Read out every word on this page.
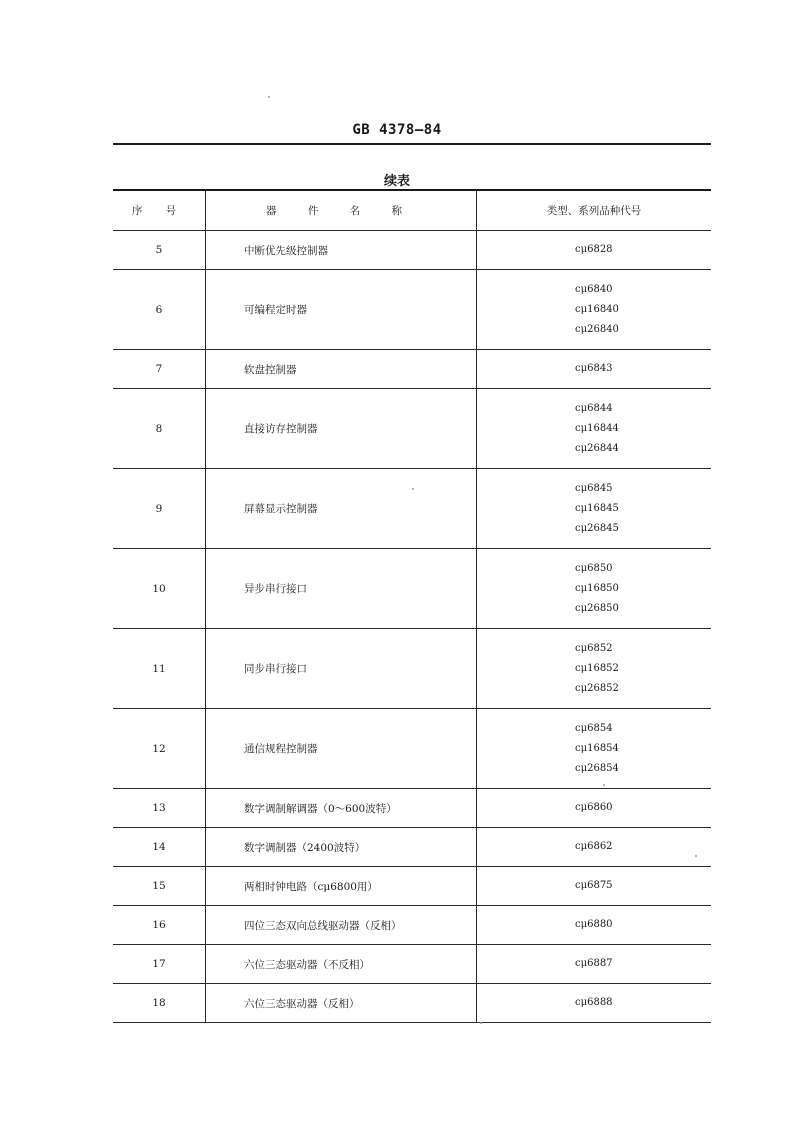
GB 4378—84
续表
序 号	器 件 名 称	类型、系列品种代号
5	中断优先级控制器	cμ6828

6	可编程定时器	cμ6840
cμ16840
cμ26840

7	软盘控制器	cμ6843

8	直接访存控制器	cμ6844
cμ16844
cμ26844

9	屏幕显示控制器	cμ6845
cμ16845
cμ26845

10	异步串行接口	cμ6850
cμ16850
cμ26850

11	同步串行接口	cμ6852
cμ16852
cμ26852

12	通信规程控制器	cμ6854
cμ16854
cμ26854

13	数字调制解调器（0～600波特）	cμ6860

14	数字调制器（2400波特）	cμ6862

15	两相时钟电路（cμ6800用）	cμ6875

16	四位三态双向总线驱动器（反相）	cμ6880

17	六位三态驱动器（不反相）	cμ6887

18	六位三态驱动器（反相）	cμ6888
